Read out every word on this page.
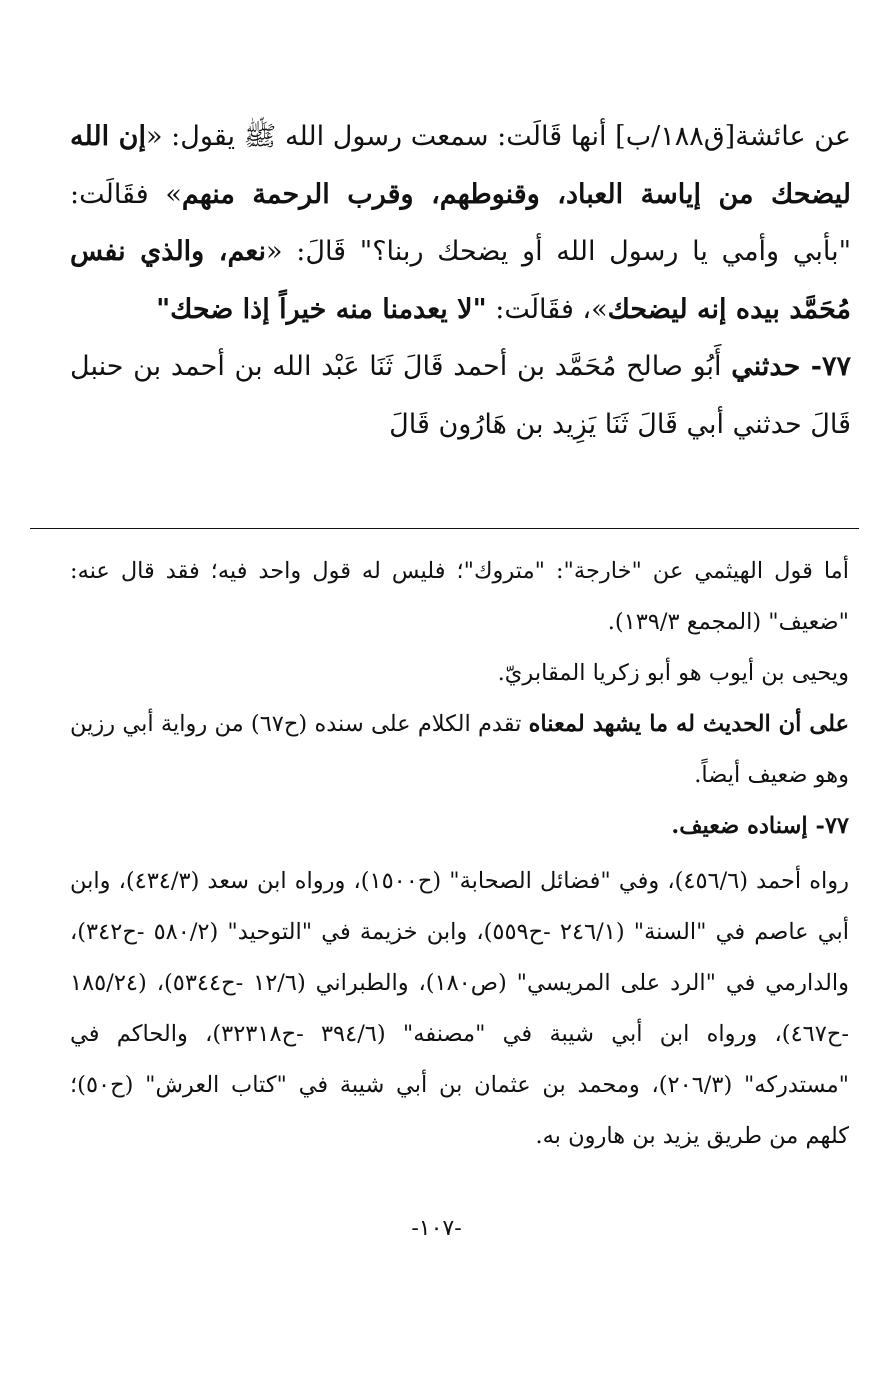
عن عائشة[ق١٨٨/ب] أنها قَالَت: سمعت رسول الله ﷺ يقول: «إن الله ليضحك من إياسة العباد، وقنوطهم، وقرب الرحمة منهم» فقَالَت: "بأبي وأمي يا رسول الله أو يضحك ربنا؟" قَالَ: «نعم، والذي نفس مُحَمَّد بيده إنه ليضحك»، فقَالَت: "لا يعدمنا منه خيراً إذا ضحك"

٧٧- حدثني أَبُو صالح مُحَمَّد بن أحمد قَالَ ثَنَا عَبْد الله بن أحمد بن حنبل قَالَ حدثني أبي قَالَ ثَنَا يَزِيد بن هَارُون قَالَ

أما قول الهيثمي عن "خارجة": "متروك"؛ فليس له قول واحد فيه؛ فقد قال عنه: "ضعيف" (المجمع ١٣٩/٣).

ويحيى بن أيوب هو أبو زكريا المقابريّ.

على أن الحديث له ما يشهد لمعناه تقدم الكلام على سنده (ح٦٧) من رواية أبي رزين وهو ضعيف أيضاً.

٧٧- إسناده ضعيف.

رواه أحمد (٤٥٦/٦)، وفي "فضائل الصحابة" (ح١٥٠٠)، ورواه ابن سعد (٤٣٤/٣)، وابن أبي عاصم في "السنة" (٢٤٦/١ -ح٥٥٩)، وابن خزيمة في "التوحيد" (٥٨٠/٢ -ح٣٤٢)، والدارمي في "الرد على المريسي" (ص١٨٠)، والطبراني (١٢/٦ -ح٥٣٤٤)، (١٨٥/٢٤ -ح٤٦٧)، ورواه ابن أبي شيبة في "مصنفه" (٣٩٤/٦ -ح٣٢٣١٨)، والحاكم في "مستدركه" (٢٠٦/٣)، ومحمد بن عثمان بن أبي شيبة في "كتاب العرش" (ح٥٠)؛ كلهم من طريق يزيد بن هارون به.

-١٠٧-
